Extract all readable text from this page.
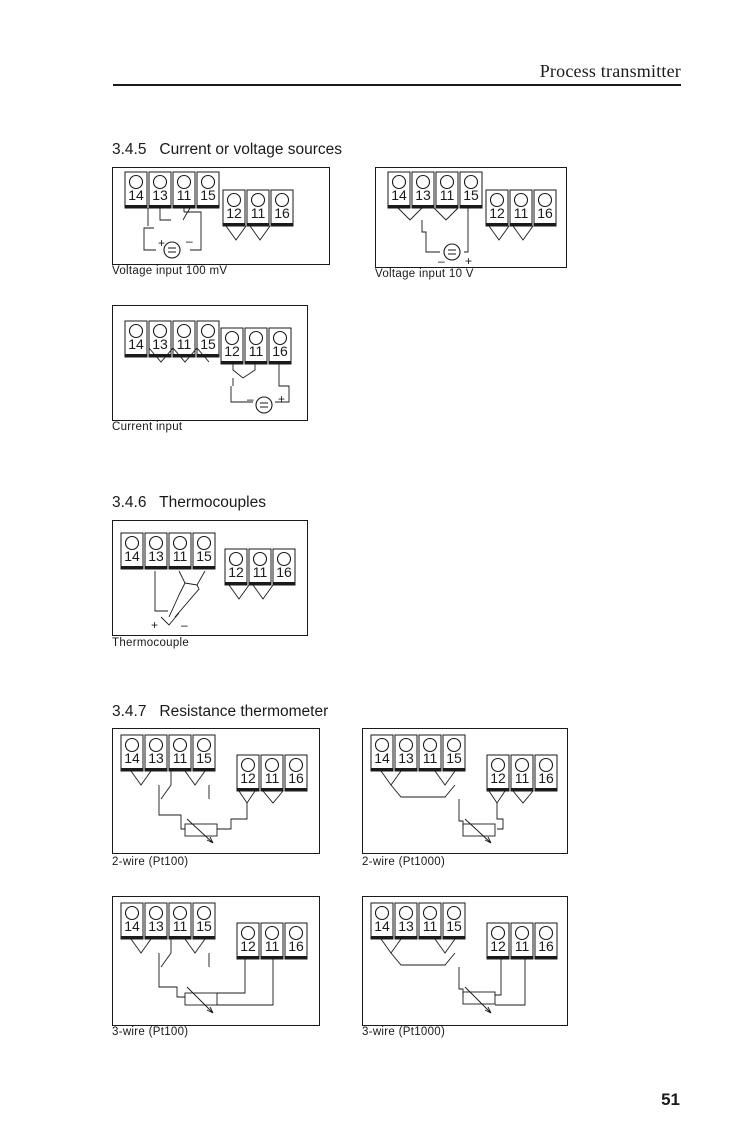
Process transmitter
3.4.5   Current or voltage sources
14 13 11 15
12 11 16
+ –
Voltage input 100 mV
14 13 11 15
12 11 16
+
–
Voltage input 10 V
14 13 11 15 12 11 16
+
–
Current input
3.4.6   Thermocouples
14 13 11 15
12 11 16
+ –
Thermocouple
3.4.7   Resistance thermometer
14 13 11 15
12 11 16
2-wire (Pt100)
14 13 11 15
12 11 16
2-wire (Pt1000)
14 13 11 15
12 11 16
3-wire (Pt100)
14 13 11 15
12 11 16
3-wire (Pt1000)
51
